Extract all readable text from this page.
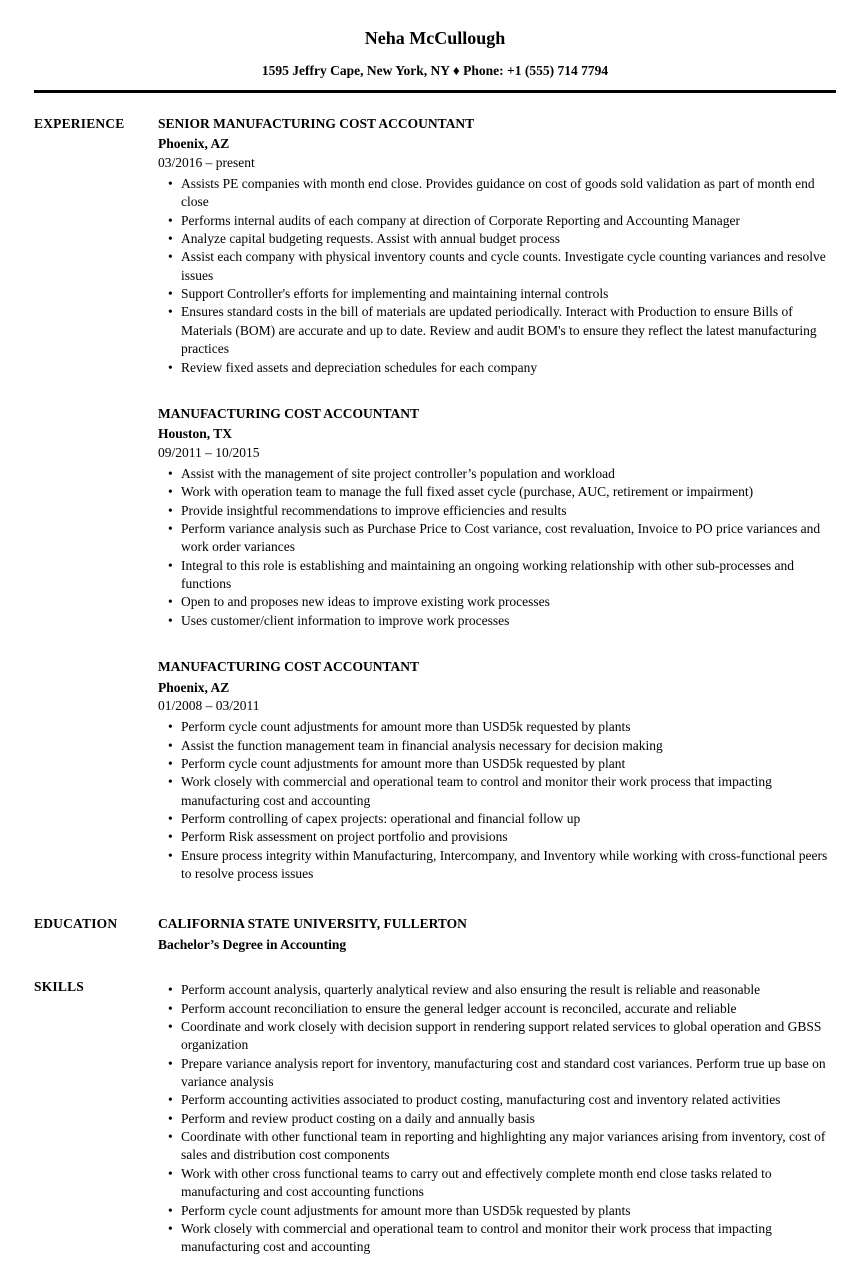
Neha McCullough
1595 Jeffry Cape, New York, NY ♦ Phone: +1 (555) 714 7794
EXPERIENCE	SENIOR MANUFACTURING COST ACCOUNTANT
Phoenix, AZ
03/2016 – present
• Assists PE companies with month end close. Provides guidance on cost of goods sold validation as part of month end close
• Performs internal audits of each company at direction of Corporate Reporting and Accounting Manager
• Analyze capital budgeting requests. Assist with annual budget process
• Assist each company with physical inventory counts and cycle counts. Investigate cycle counting variances and resolve issues
• Support Controller's efforts for implementing and maintaining internal controls
• Ensures standard costs in the bill of materials are updated periodically. Interact with Production to ensure Bills of Materials (BOM) are accurate and up to date. Review and audit BOM's to ensure they reflect the latest manufacturing practices
• Review fixed assets and depreciation schedules for each company
MANUFACTURING COST ACCOUNTANT
Houston, TX
09/2011 – 10/2015
• Assist with the management of site project controller’s population and workload
• Work with operation team to manage the full fixed asset cycle (purchase, AUC, retirement or impairment)
• Provide insightful recommendations to improve efficiencies and results
• Perform variance analysis such as Purchase Price to Cost variance, cost revaluation, Invoice to PO price variances and work order variances
• Integral to this role is establishing and maintaining an ongoing working relationship with other sub-processes and functions
• Open to and proposes new ideas to improve existing work processes
• Uses customer/client information to improve work processes
MANUFACTURING COST ACCOUNTANT
Phoenix, AZ
01/2008 – 03/2011
• Perform cycle count adjustments for amount more than USD5k requested by plants
• Assist the function management team in financial analysis necessary for decision making
• Perform cycle count adjustments for amount more than USD5k requested by plant
• Work closely with commercial and operational team to control and monitor their work process that impacting manufacturing cost and accounting
• Perform controlling of capex projects: operational and financial follow up
• Perform Risk assessment on project portfolio and provisions
• Ensure process integrity within Manufacturing, Intercompany, and Inventory while working with cross-functional peers to resolve process issues
EDUCATION	CALIFORNIA STATE UNIVERSITY, FULLERTON
Bachelor’s Degree in Accounting
SKILLS	• Perform account analysis, quarterly analytical review and also ensuring the result is reliable and reasonable
• Perform account reconciliation to ensure the general ledger account is reconciled, accurate and reliable
• Coordinate and work closely with decision support in rendering support related services to global operation and GBSS organization
• Prepare variance analysis report for inventory, manufacturing cost and standard cost variances. Perform true up base on variance analysis
• Perform accounting activities associated to product costing, manufacturing cost and inventory related activities
• Perform and review product costing on a daily and annually basis
• Coordinate with other functional team in reporting and highlighting any major variances arising from inventory, cost of sales and distribution cost components
• Work with other cross functional teams to carry out and effectively complete month end close tasks related to manufacturing and cost accounting functions
• Perform cycle count adjustments for amount more than USD5k requested by plants
• Work closely with commercial and operational team to control and monitor their work process that impacting manufacturing cost and accounting
